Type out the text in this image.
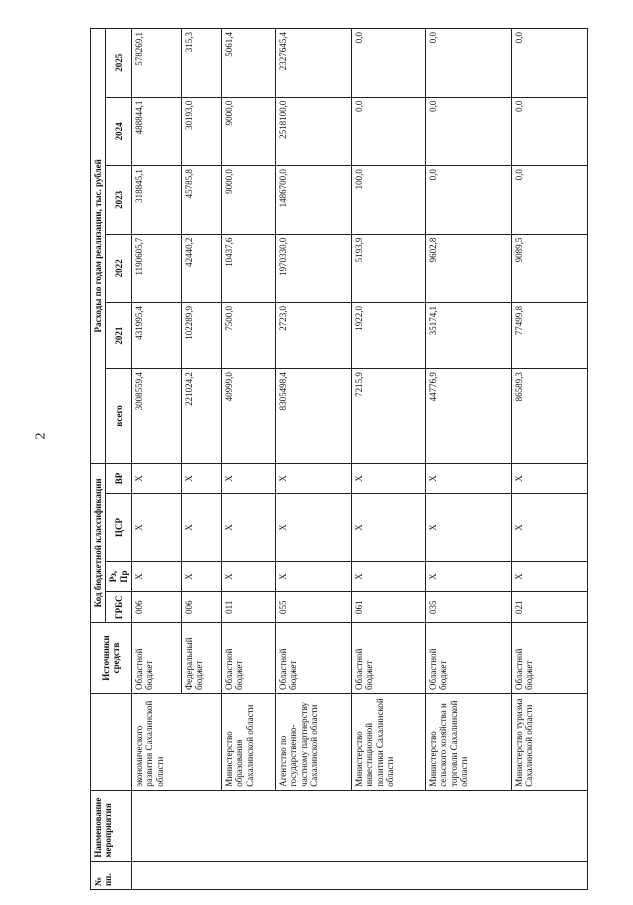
2
№ пп.	Наименование мероприятия		Источники средств	Код бюджетной классификации				Расходы по годам реализации, тыс. рублей					
				ГРБС	Рз, Пр	ЦСР	ВР	всего	2021	2022	2023	2024	2025
		экономического развития Сахалинской области	Областной бюджет	006	Х	Х	Х	3008559,4	431995,4	1190605,7	318845,1	488844,1	578269,1
			Федеральный бюджет	006	Х	Х	Х	221024,2	102289,9	42440,2	45785,8	30193,0	315,3
		Министерство образования Сахалинской области	Областной бюджет	011	Х	Х	Х	40999,0	7500,0	10437,6	9000,0	9000,0	5061,4
		Агентство по государственно-частному партнерству Сахалинской области	Областной бюджет	055	Х	Х	Х	8305498,4	2723,0	1970330,0	1486700,0	2518100,0	2327645,4
		Министерство инвестиционной политики Сахалинской области	Областной бюджет	061	Х	Х	Х	7215,9	1922,0	5193,9	100,0	0,0	0,0
		Министерство сельского хозяйства и торговли Сахалинской области	Областной бюджет	035	Х	Х	Х	44776,9	35174,1	9602,8	0,0	0,0	0,0
		Министерство туризма Сахалинской области	Областной бюджет	021	Х	Х	Х	86589,3	77499,8	9089,5	0,0	0,0	0,0
